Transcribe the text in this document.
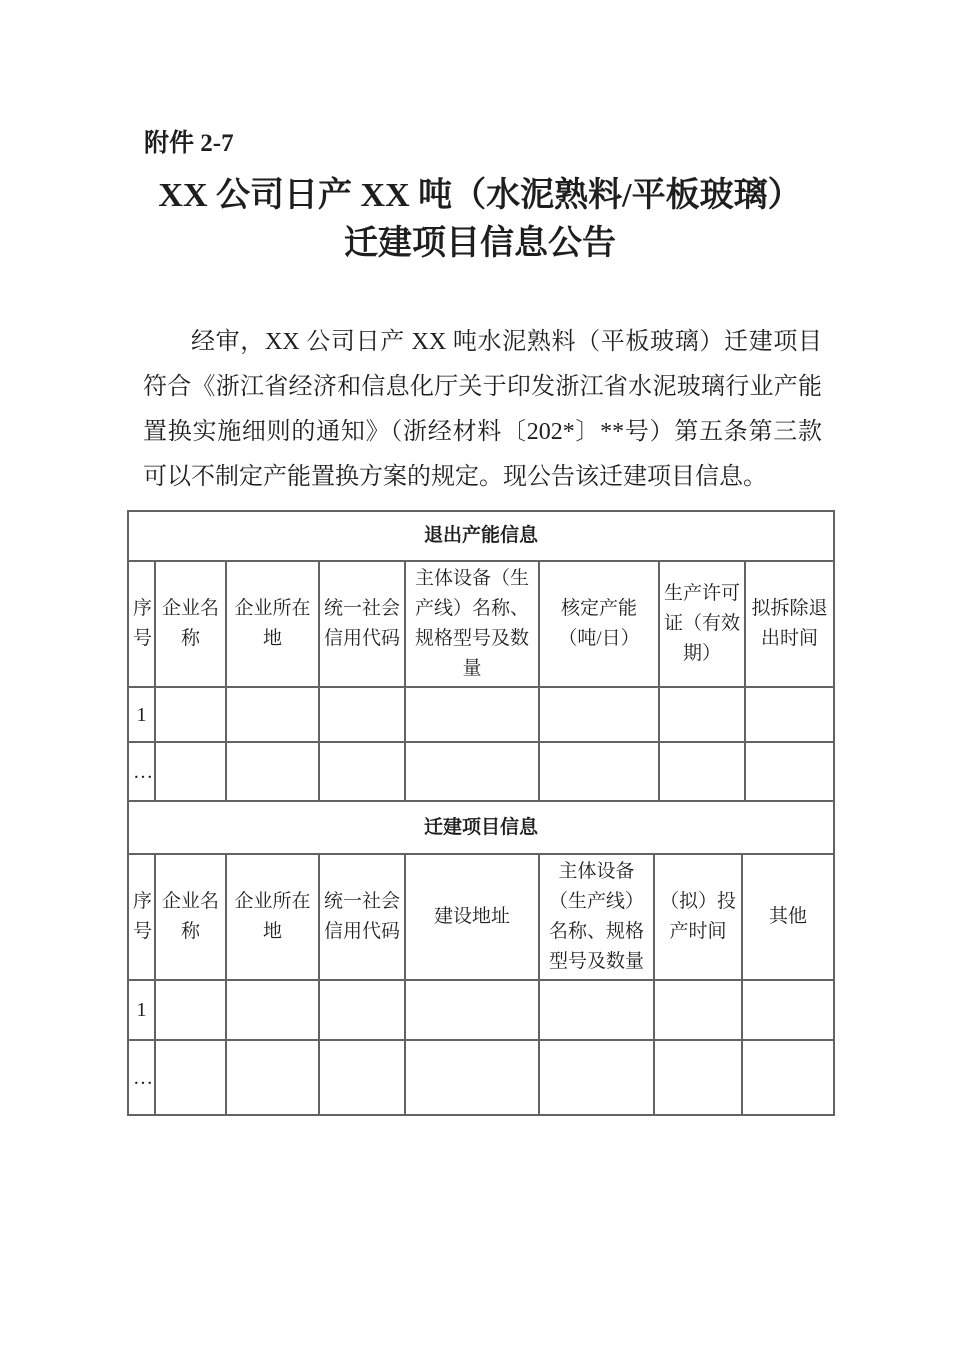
附件 2-7
XX 公司日产 XX 吨（水泥熟料/平板玻璃）
迁建项目信息公告
经审，XX 公司日产 XX 吨水泥熟料（平板玻璃）迁建项目符合《浙江省经济和信息化厅关于印发浙江省水泥玻璃行业产能置换实施细则的通知》（浙经材料〔202*〕**号）第五条第三款可以不制定产能置换方案的规定。现公告该迁建项目信息。
退出产能信息							
序号	企业名称	企业所在地	统一社会信用代码	主体设备（生产线）名称、规格型号及数量	核定产能（吨/日）	生产许可证（有效期）	拟拆除退出时间
1							
…							
迁建项目信息							
序号	企业名称	企业所在地	统一社会信用代码	建设地址	主体设备（生产线）名称、规格型号及数量	（拟）投产时间	其他
1							
…							
